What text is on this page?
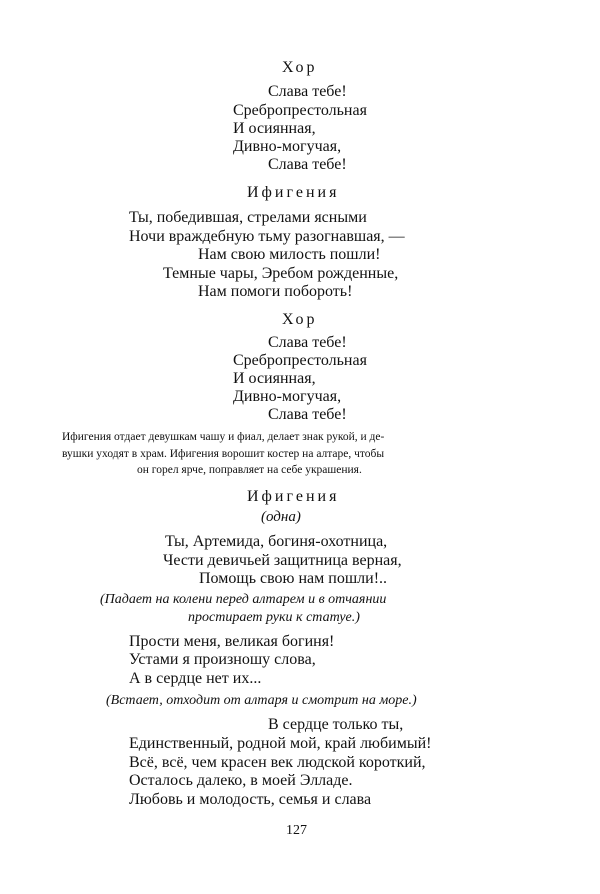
Хор
Слава тебе!
Сребропрестольная
И осиянная,
Дивно-могучая,
Слава тебе!
Ифигения
Ты, победившая, стрелами ясными
Ночи враждебную тьму разогнавшая, —
Нам свою милость пошли!
Темные чары, Эребом рожденные,
Нам помоги побороть!
Хор
Слава тебе!
Сребропрестольная
И осиянная,
Дивно-могучая,
Слава тебе!
Ифигения отдает девушкам чашу и фиал, делает знак рукой, и де-
вушки уходят в храм. Ифигения ворошит костер на алтаре, чтобы
он горел ярче, поправляет на себе украшения.
Ифигения
(одна)
Ты, Артемида, богиня-охотница,
Чести девичьей защитница верная,
Помощь свою нам пошли!..
(Падает на колени перед алтарем и в отчаянии
простирает руки к статуе.)
Прости меня, великая богиня!
Устами я произношу слова,
А в сердце нет их...
(Встает, отходит от алтаря и смотрит на море.)
В сердце только ты,
Единственный, родной мой, край любимый!
Всё, всё, чем красен век людской короткий,
Осталось далеко, в моей Элладе.
Любовь и молодость, семья и слава
127
